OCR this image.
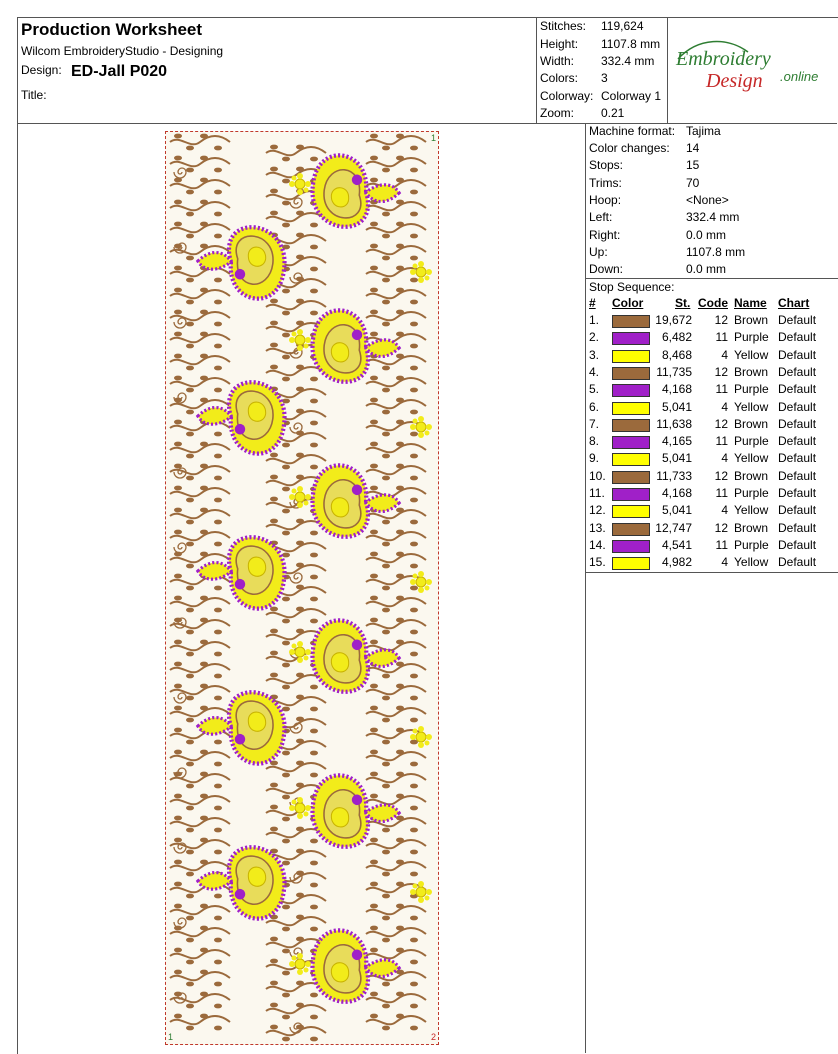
Production Worksheet
Wilcom EmbroideryStudio - Designing
Design: ED-Jall P020
Title:
Stitches: 119,624
Height: 1107.8 mm
Width: 332.4 mm
Colors: 3
Colorway: Colorway 1
Zoom: 0.21
Embroidery
Design .online
1	2
1	Machine format: Tajima
Color changes: 14
Stops:	15
Trims:	70
Hoop:	<None>
Left:	332.4 mm
Right:	0.0 mm
Up:	1107.8 mm
Down:	0.0 mm
Stop Sequence:
# Color	St. Code Name Chart
1.	19,672 12 Brown Default
2.	6,482 11 Purple Default
3.	8,468 4 Yellow Default
4.	11,735 12 Brown Default
5.	4,168 11 Purple Default
6.	5,041 4 Yellow Default
7.	11,638 12 Brown Default
8.	4,165 11 Purple Default
9.	5,041 4 Yellow Default
10.	11,733 12 Brown Default
11.	4,168 11 Purple Default
12.	5,041 4 Yellow Default
13.	12,747 12 Brown Default
14.	4,541 11 Purple Default
15.	4,982 4 Yellow Default
